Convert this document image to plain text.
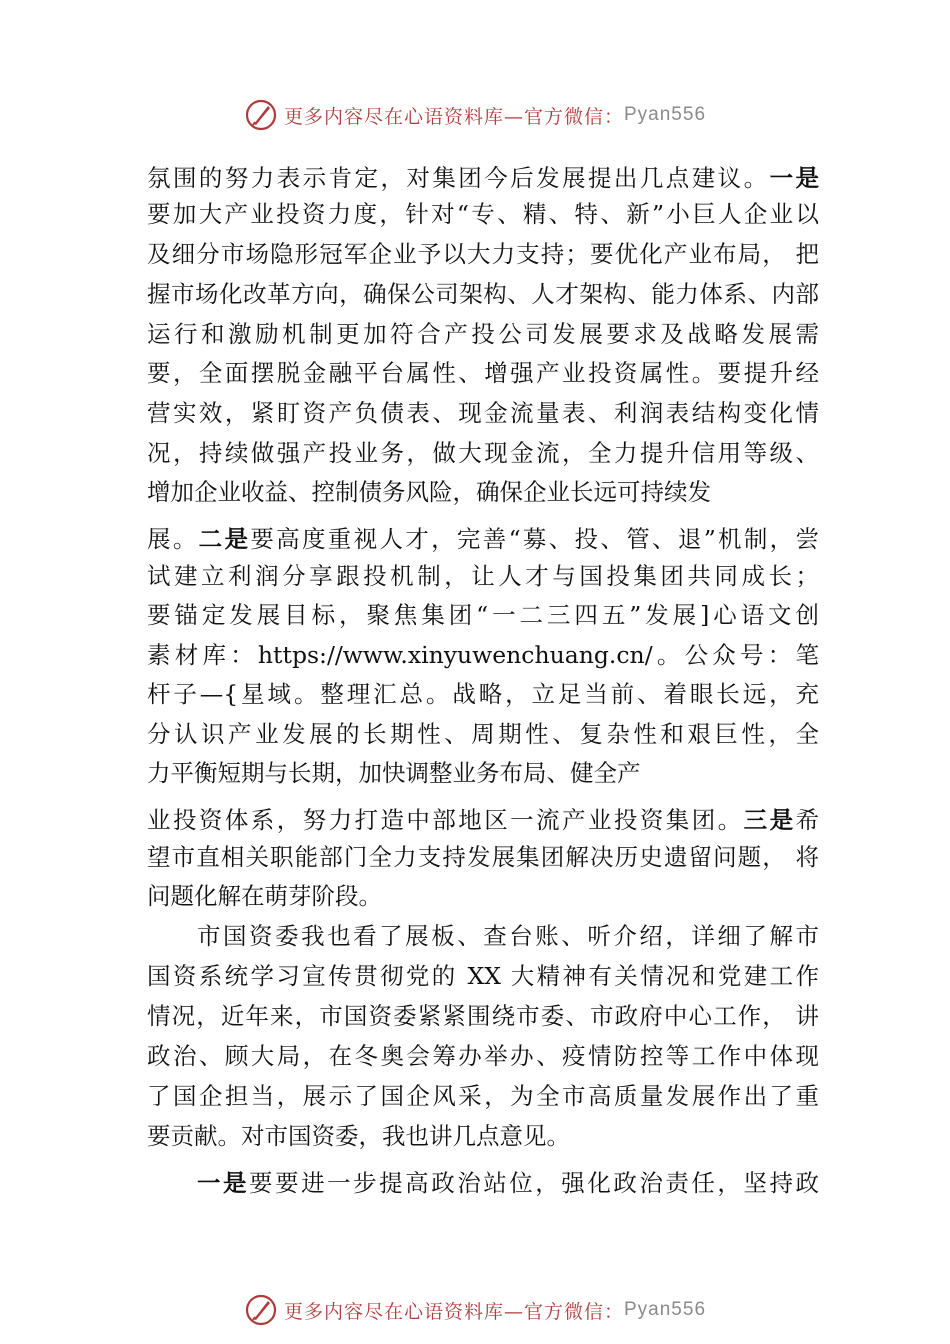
更多内容尽在心语资料库 —官方微信： Pyan556
氛围的努力表示肯定，对集团今后发展提出几点建议。一是
要加大产业投资力度，针对“专、精、特、新”小巨人企业以
及细分市场隐形冠军企业予以大力支持；要优化产业布局， 把
握市场化改革方向，确保公司架构、人才架构、能力体系、内部
运行和激励机制更加符合产投公司发展要求及战略发展需
要，全面摆脱金融平台属性、增强产业投资属性。要提升经
营实效，紧盯资产负债表、现金流量表、利润表结构变化情
况，持续做强产投业务，做大现金流，全力提升信用等级、
增加企业收益、控制债务风险，确保企业长远可持续发
展。二是要高度重视人才，完善“募、投、管、退”机制，尝
试建立利润分享跟投机制，让人才与国投集团共同成长；
要锚定发展目标，聚焦集团“一二三四五”发展]心语文创
素材库：https://www.xinyuwenchuang.cn/。公众号：笔
杆子—{星域。整理汇总。战略，立足当前、着眼长远，充
分认识产业发展的长期性、周期性、复杂性和艰巨性，全
力平衡短期与长期，加快调整业务布局、健全产
业投资体系，努力打造中部地区一流产业投资集团。三是希
望市直相关职能部门全力支持发展集团解决历史遗留问题， 将
问题化解在萌芽阶段。
市国资委我也看了展板、查台账、听介绍，详细了解市
国资系统学习宣传贯彻党的 XX 大精神有关情况和党建工作
情况，近年来，市国资委紧紧围绕市委、市政府中心工作， 讲
政治、顾大局，在冬奥会筹办举办、疫情防控等工作中体现
了国企担当，展示了国企风采，为全市高质量发展作出了重
要贡献。对市国资委，我也讲几点意见。
一是要要进一步提高政治站位，强化政治责任，坚持政
更多内容尽在心语资料库 —官方微信： Pyan556
